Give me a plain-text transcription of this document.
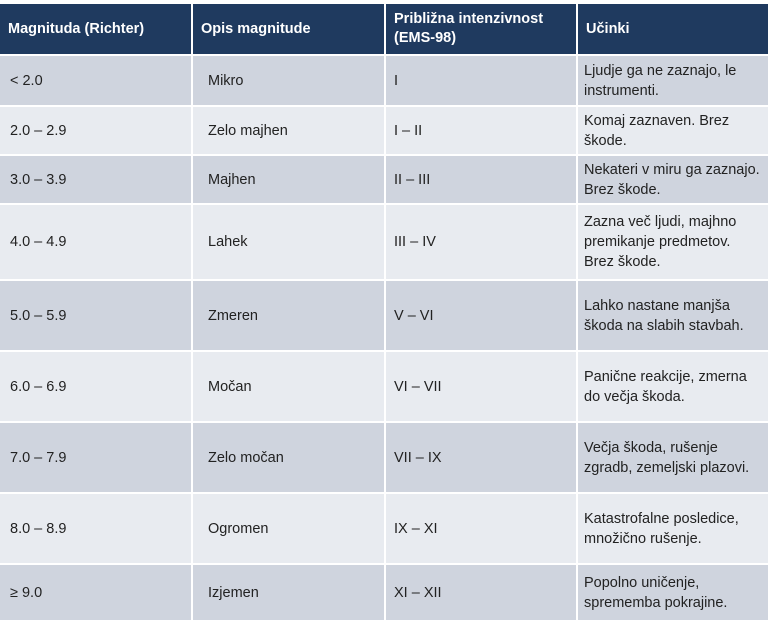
Magnituda (Richter)	Opis magnitude	Približna intenzivnost (EMS-98)	Učinki
< 2.0	Mikro	I	Ljudje ga ne zaznajo, le instrumenti.
2.0 – 2.9	Zelo majhen	I – II	Komaj zaznaven. Brez škode.
3.0 – 3.9	Majhen	II – III	Nekateri v miru ga zaznajo. Brez škode.
4.0 – 4.9	Lahek	III – IV	Zazna več ljudi, majhno premikanje predmetov. Brez škode.
5.0 – 5.9	Zmeren	V – VI	Lahko nastane manjša škoda na slabih stavbah.
6.0 – 6.9	Močan	VI – VII	Panične reakcije, zmerna do večja škoda.
7.0 – 7.9	Zelo močan	VII – IX	Večja škoda, rušenje zgradb, zemeljski plazovi.
8.0 – 8.9	Ogromen	IX – XI	Katastrofalne posledice, množično rušenje.
≥ 9.0	Izjemen	XI – XII	Popolno uničenje, sprememba pokrajine.
